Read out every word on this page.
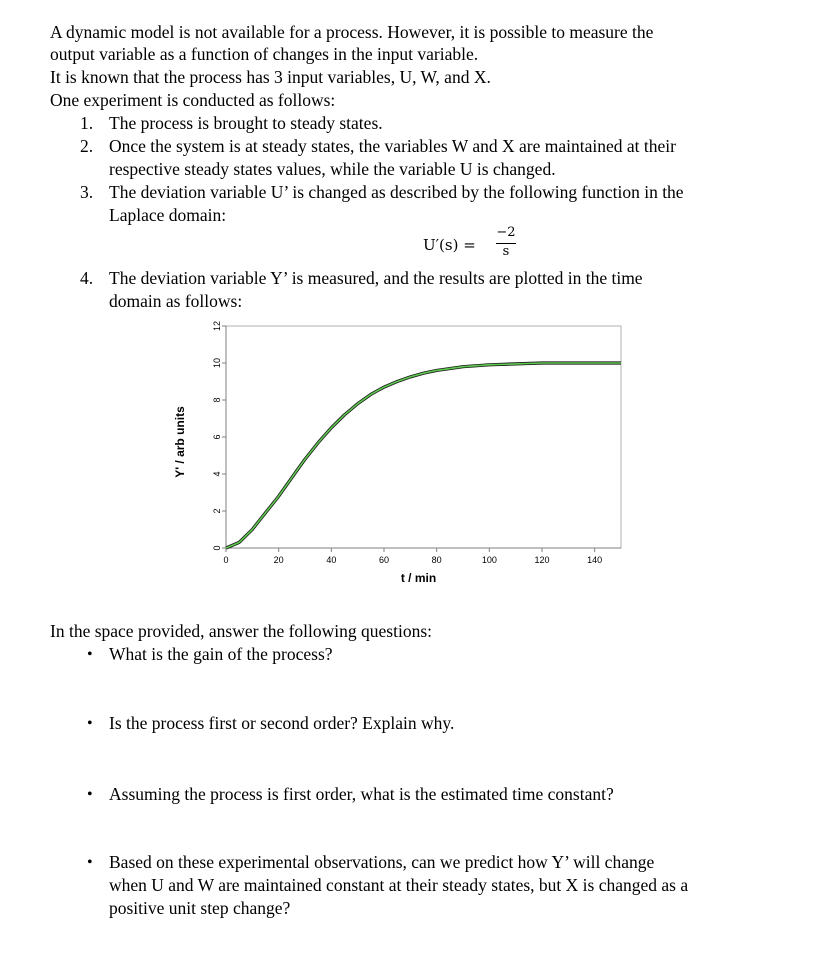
A dynamic model is not available for a process. However, it is possible to measure the
output variable as a function of changes in the input variable.
It is known that the process has 3 input variables, U, W, and X.
One experiment is conducted as follows:
1. The process is brought to steady states.
2. Once the system is at steady states, the variables W and X are maintained at their
respective steady states values, while the variable U is changed.
3. The deviation variable U’ is changed as described by the following function in the
Laplace domain:
U′(s) =
−2
s
4. The deviation variable Y’ is measured, and the results are plotted in the time
domain as follows:
0
2
4
6
8
10
12
0	20	40	60	80	100	120	140
t / min
Y' / arb units
In the space provided, answer the following questions:
• What is the gain of the process?
• Is the process first or second order? Explain why.
• Assuming the process is first order, what is the estimated time constant?
• Based on these experimental observations, can we predict how Y’ will change
when U and W are maintained constant at their steady states, but X is changed as a
positive unit step change?
